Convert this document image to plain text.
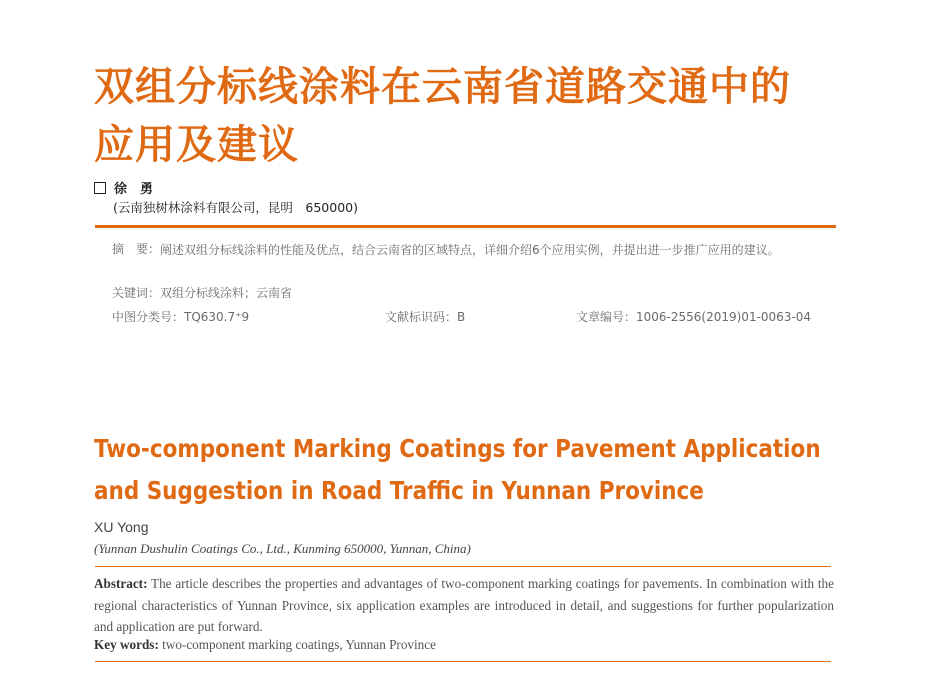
双组分标线涂料在云南省道路交通中的
应用及建议
徐　勇
(云南独树林涂料有限公司，昆明　650000)
摘　要： 阐述双组分标线涂料的性能及优点，结合云南省的区域特点，详细介绍6个应用实例，并提出进一步推广应用的建议。
关键词：双组分标线涂料；云南省
中图分类号：TQ630.7⁺9	文献标识码：B	文章编号：1006-2556(2019)01-0063-04
Two-component Marking Coatings for Pavement Application
and Suggestion in Road Traffic in Yunnan Province
XU Yong
(Yunnan Dushulin Coatings Co., Ltd., Kunming 650000, Yunnan, China)
Abstract: The article describes the properties and advantages of two-component marking coatings for pavements. In combination with the regional characteristics of Yunnan Province, six application examples are introduced in detail, and suggestions for further popularization and application are put forward.
Key words: two-component marking coatings, Yunnan Province
